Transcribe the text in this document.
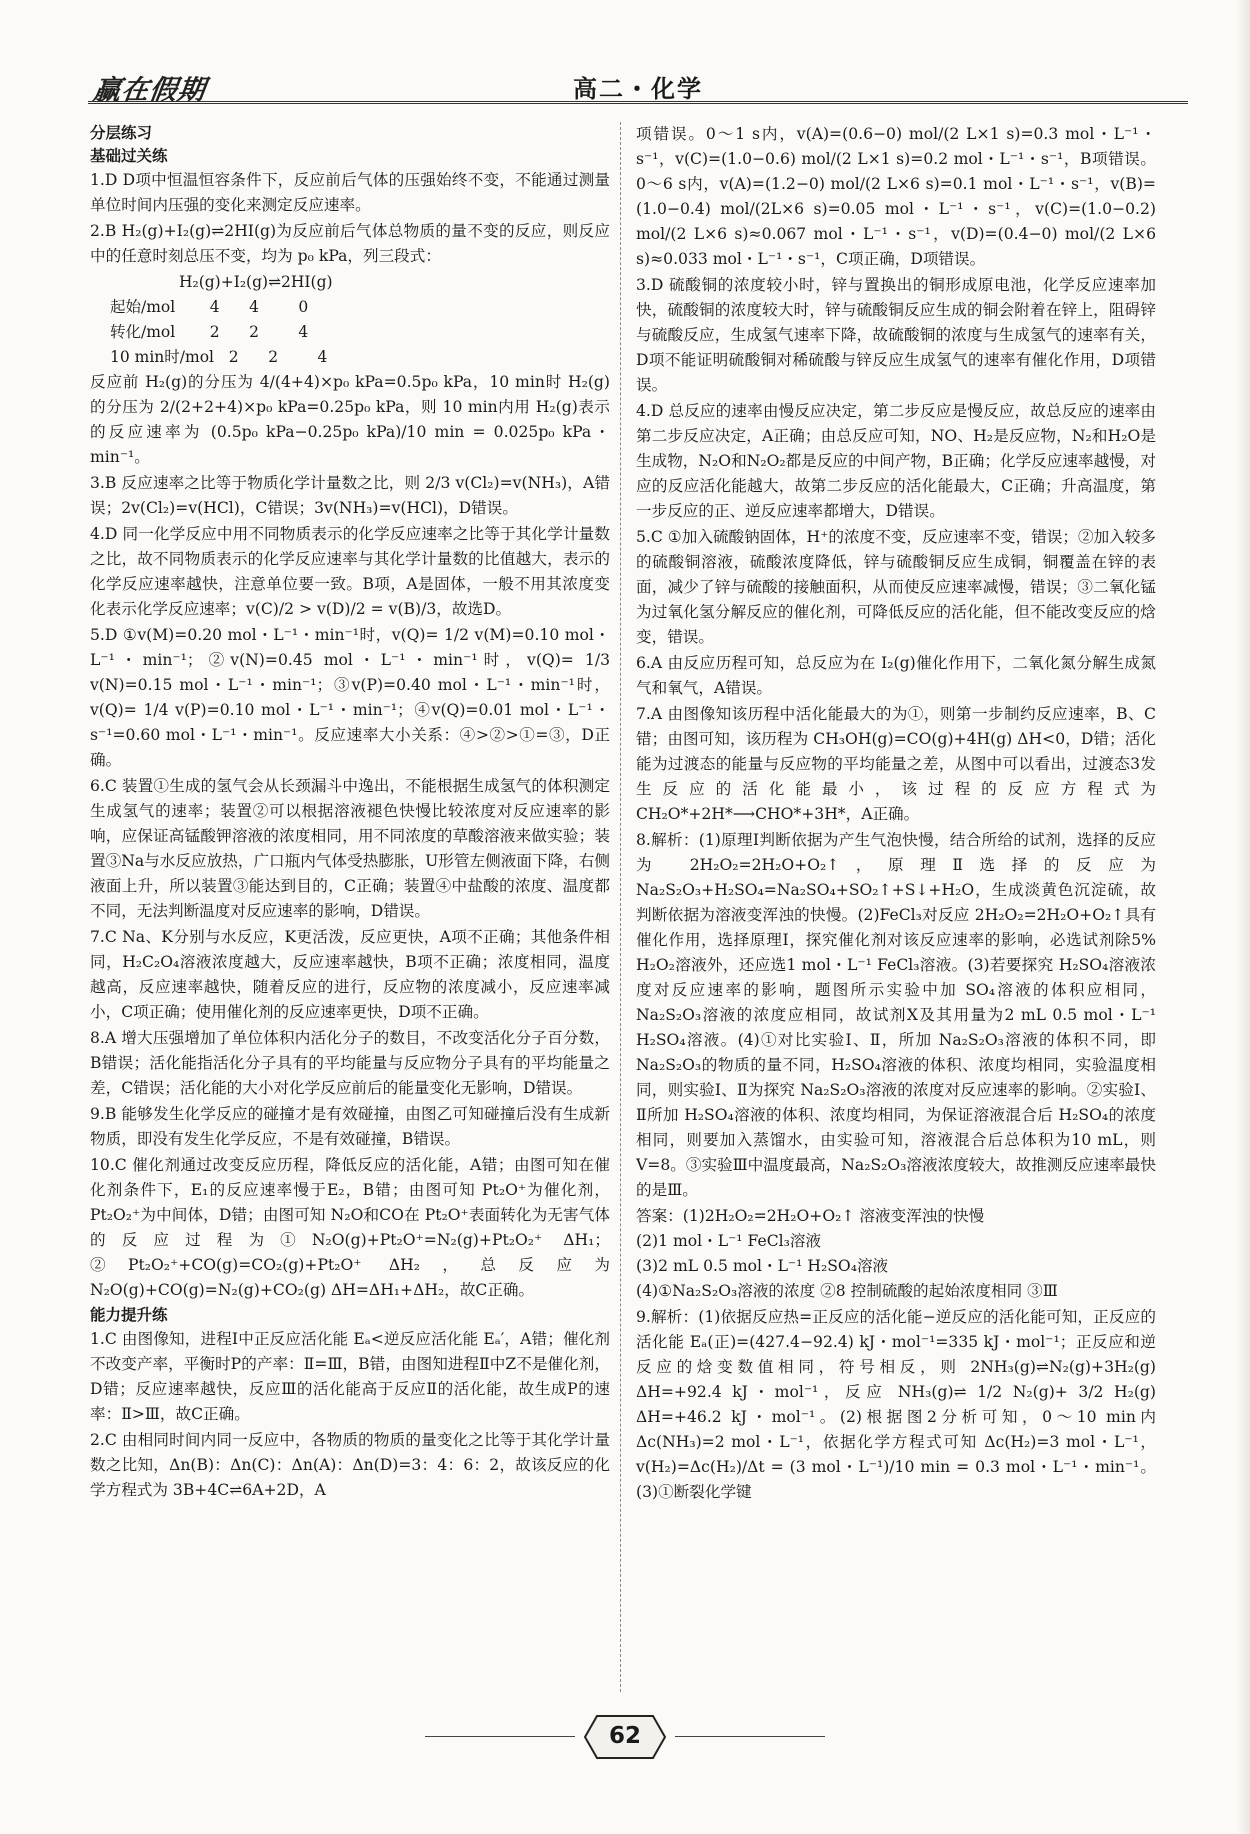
赢在假期	高二・化学
分层练习
基础过关练
1.D D项中恒温恒容条件下，反应前后气体的压强始终不变，不能通过测量单位时间内压强的变化来测定反应速率。
2.B H₂(g)+I₂(g)⇌2HI(g)为反应前后气体总物质的量不变的反应，则反应中的任意时刻总压不变，均为 p₀ kPa，列三段式：
H₂(g)+I₂(g)⇌2HI(g)
起始/mol       4      4        0
转化/mol       2      2        4
10 min时/mol   2      2        4
反应前 H₂(g)的分压为 4/(4+4)×p₀ kPa=0.5p₀ kPa，10 min时 H₂(g)的分压为 2/(2+2+4)×p₀ kPa=0.25p₀ kPa，则 10 min内用 H₂(g)表示的反应速率为 (0.5p₀ kPa−0.25p₀ kPa)/10 min = 0.025p₀ kPa・min⁻¹。
3.B 反应速率之比等于物质化学计量数之比，则 2/3 v(Cl₂)=v(NH₃)，A错误；2v(Cl₂)=v(HCl)，C错误；3v(NH₃)=v(HCl)，D错误。
4.D 同一化学反应中用不同物质表示的化学反应速率之比等于其化学计量数之比，故不同物质表示的化学反应速率与其化学计量数的比值越大，表示的化学反应速率越快，注意单位要一致。B项，A是固体，一般不用其浓度变化表示化学反应速率；v(C)/2 > v(D)/2 = v(B)/3，故选D。
5.D ①v(M)=0.20 mol・L⁻¹・min⁻¹时，v(Q)= 1/2 v(M)=0.10 mol・L⁻¹・min⁻¹；②v(N)=0.45 mol・L⁻¹・min⁻¹时，v(Q)= 1/3 v(N)=0.15 mol・L⁻¹・min⁻¹；③v(P)=0.40 mol・L⁻¹・min⁻¹时，v(Q)= 1/4 v(P)=0.10 mol・L⁻¹・min⁻¹；④v(Q)=0.01 mol・L⁻¹・s⁻¹=0.60 mol・L⁻¹・min⁻¹。反应速率大小关系：④>②>①=③，D正确。
6.C 装置①生成的氢气会从长颈漏斗中逸出，不能根据生成氢气的体积测定生成氢气的速率；装置②可以根据溶液褪色快慢比较浓度对反应速率的影响，应保证高锰酸钾溶液的浓度相同，用不同浓度的草酸溶液来做实验；装置③Na与水反应放热，广口瓶内气体受热膨胀，U形管左侧液面下降，右侧液面上升，所以装置③能达到目的，C正确；装置④中盐酸的浓度、温度都不同，无法判断温度对反应速率的影响，D错误。
7.C Na、K分别与水反应，K更活泼，反应更快，A项不正确；其他条件相同，H₂C₂O₄溶液浓度越大，反应速率越快，B项不正确；浓度相同，温度越高，反应速率越快，随着反应的进行，反应物的浓度减小，反应速率减小，C项正确；使用催化剂的反应速率更快，D项不正确。
8.A 增大压强增加了单位体积内活化分子的数目，不改变活化分子百分数，B错误；活化能指活化分子具有的平均能量与反应物分子具有的平均能量之差，C错误；活化能的大小对化学反应前后的能量变化无影响，D错误。
9.B 能够发生化学反应的碰撞才是有效碰撞，由图乙可知碰撞后没有生成新物质，即没有发生化学反应，不是有效碰撞，B错误。
10.C 催化剂通过改变反应历程，降低反应的活化能，A错；由图可知在催化剂条件下，E₁的反应速率慢于E₂，B错；由图可知 Pt₂O⁺为催化剂，Pt₂O₂⁺为中间体，D错；由图可知 N₂O和CO在 Pt₂O⁺表面转化为无害气体的反应过程为①N₂O(g)+Pt₂O⁺=N₂(g)+Pt₂O₂⁺ ΔH₁；②Pt₂O₂⁺+CO(g)=CO₂(g)+Pt₂O⁺ ΔH₂，总反应为N₂O(g)+CO(g)=N₂(g)+CO₂(g) ΔH=ΔH₁+ΔH₂，故C正确。
能力提升练
1.C 由图像知，进程Ⅰ中正反应活化能 Eₐ<逆反应活化能 Eₐ′，A错；催化剂不改变产率，平衡时P的产率：Ⅱ=Ⅲ，B错，由图知进程Ⅱ中Z不是催化剂，D错；反应速率越快，反应Ⅲ的活化能高于反应Ⅱ的活化能，故生成P的速率：Ⅱ>Ⅲ，故C正确。
2.C 由相同时间内同一反应中，各物质的物质的量变化之比等于其化学计量数之比知，Δn(B)：Δn(C)：Δn(A)：Δn(D)=3：4：6：2，故该反应的化学方程式为 3B+4C⇌6A+2D，A
项错误。0～1 s内，v(A)=(0.6−0) mol/(2 L×1 s)=0.3 mol・L⁻¹・s⁻¹，v(C)=(1.0−0.6) mol/(2 L×1 s)=0.2 mol・L⁻¹・s⁻¹，B项错误。0～6 s内，v(A)=(1.2−0) mol/(2 L×6 s)=0.1 mol・L⁻¹・s⁻¹，v(B)=(1.0−0.4) mol/(2L×6 s)=0.05 mol・L⁻¹・s⁻¹，v(C)=(1.0−0.2) mol/(2 L×6 s)≈0.067 mol・L⁻¹・s⁻¹，v(D)=(0.4−0) mol/(2 L×6 s)≈0.033 mol・L⁻¹・s⁻¹，C项正确，D项错误。
3.D 硫酸铜的浓度较小时，锌与置换出的铜形成原电池，化学反应速率加快，硫酸铜的浓度较大时，锌与硫酸铜反应生成的铜会附着在锌上，阻碍锌与硫酸反应，生成氢气速率下降，故硫酸铜的浓度与生成氢气的速率有关，D项不能证明硫酸铜对稀硫酸与锌反应生成氢气的速率有催化作用，D项错误。
4.D 总反应的速率由慢反应决定，第二步反应是慢反应，故总反应的速率由第二步反应决定，A正确；由总反应可知，NO、H₂是反应物，N₂和H₂O是生成物，N₂O和N₂O₂都是反应的中间产物，B正确；化学反应速率越慢，对应的反应活化能越大，故第二步反应的活化能最大，C正确；升高温度，第一步反应的正、逆反应速率都增大，D错误。
5.C ①加入硫酸钠固体，H⁺的浓度不变，反应速率不变，错误；②加入较多的硫酸铜溶液，硫酸浓度降低，锌与硫酸铜反应生成铜，铜覆盖在锌的表面，减少了锌与硫酸的接触面积，从而使反应速率减慢，错误；③二氧化锰为过氧化氢分解反应的催化剂，可降低反应的活化能，但不能改变反应的焓变，错误。
6.A 由反应历程可知，总反应为在 I₂(g)催化作用下，二氧化氮分解生成氮气和氧气，A错误。
7.A 由图像知该历程中活化能最大的为①，则第一步制约反应速率，B、C错；由图可知，该历程为 CH₃OH(g)=CO(g)+4H(g) ΔH<0，D错；活化能为过渡态的能量与反应物的平均能量之差，从图中可以看出，过渡态3发生反应的活化能最小，该过程的反应方程式为 CH₂O*+2H*⟶CHO*+3H*，A正确。
8.解析：(1)原理Ⅰ判断依据为产生气泡快慢，结合所给的试剂，选择的反应为 2H₂O₂=2H₂O+O₂↑，原理Ⅱ选择的反应为 Na₂S₂O₃+H₂SO₄=Na₂SO₄+SO₂↑+S↓+H₂O，生成淡黄色沉淀硫，故判断依据为溶液变浑浊的快慢。(2)FeCl₃对反应 2H₂O₂=2H₂O+O₂↑具有催化作用，选择原理Ⅰ，探究催化剂对该反应速率的影响，必选试剂除5% H₂O₂溶液外，还应选1 mol・L⁻¹ FeCl₃溶液。(3)若要探究 H₂SO₄溶液浓度对反应速率的影响，题图所示实验中加 SO₄溶液的体积应相同，Na₂S₂O₃溶液的浓度应相同，故试剂X及其用量为2 mL 0.5 mol・L⁻¹ H₂SO₄溶液。(4)①对比实验Ⅰ、Ⅱ，所加 Na₂S₂O₃溶液的体积不同，即 Na₂S₂O₃的物质的量不同，H₂SO₄溶液的体积、浓度均相同，实验温度相同，则实验Ⅰ、Ⅱ为探究 Na₂S₂O₃溶液的浓度对反应速率的影响。②实验Ⅰ、Ⅱ所加 H₂SO₄溶液的体积、浓度均相同，为保证溶液混合后 H₂SO₄的浓度相同，则要加入蒸馏水，由实验可知，溶液混合后总体积为10 mL，则V=8。③实验Ⅲ中温度最高，Na₂S₂O₃溶液浓度较大，故推测反应速率最快的是Ⅲ。
答案：(1)2H₂O₂=2H₂O+O₂↑ 溶液变浑浊的快慢
(2)1 mol・L⁻¹ FeCl₃溶液
(3)2 mL 0.5 mol・L⁻¹ H₂SO₄溶液
(4)①Na₂S₂O₃溶液的浓度 ②8 控制硫酸的起始浓度相同 ③Ⅲ
9.解析：(1)依据反应热=正反应的活化能−逆反应的活化能可知，正反应的活化能 Eₐ(正)=(427.4−92.4) kJ・mol⁻¹=335 kJ・mol⁻¹；正反应和逆反应的焓变数值相同，符号相反，则 2NH₃(g)⇌N₂(g)+3H₂(g) ΔH=+92.4 kJ・mol⁻¹，反应 NH₃(g)⇌ 1/2 N₂(g)+ 3/2 H₂(g) ΔH=+46.2 kJ・mol⁻¹。(2)根据图2分析可知，0～10 min内 Δc(NH₃)=2 mol・L⁻¹，依据化学方程式可知 Δc(H₂)=3 mol・L⁻¹，v(H₂)=Δc(H₂)/Δt = (3 mol・L⁻¹)/10 min = 0.3 mol・L⁻¹・min⁻¹。(3)①断裂化学键
62
